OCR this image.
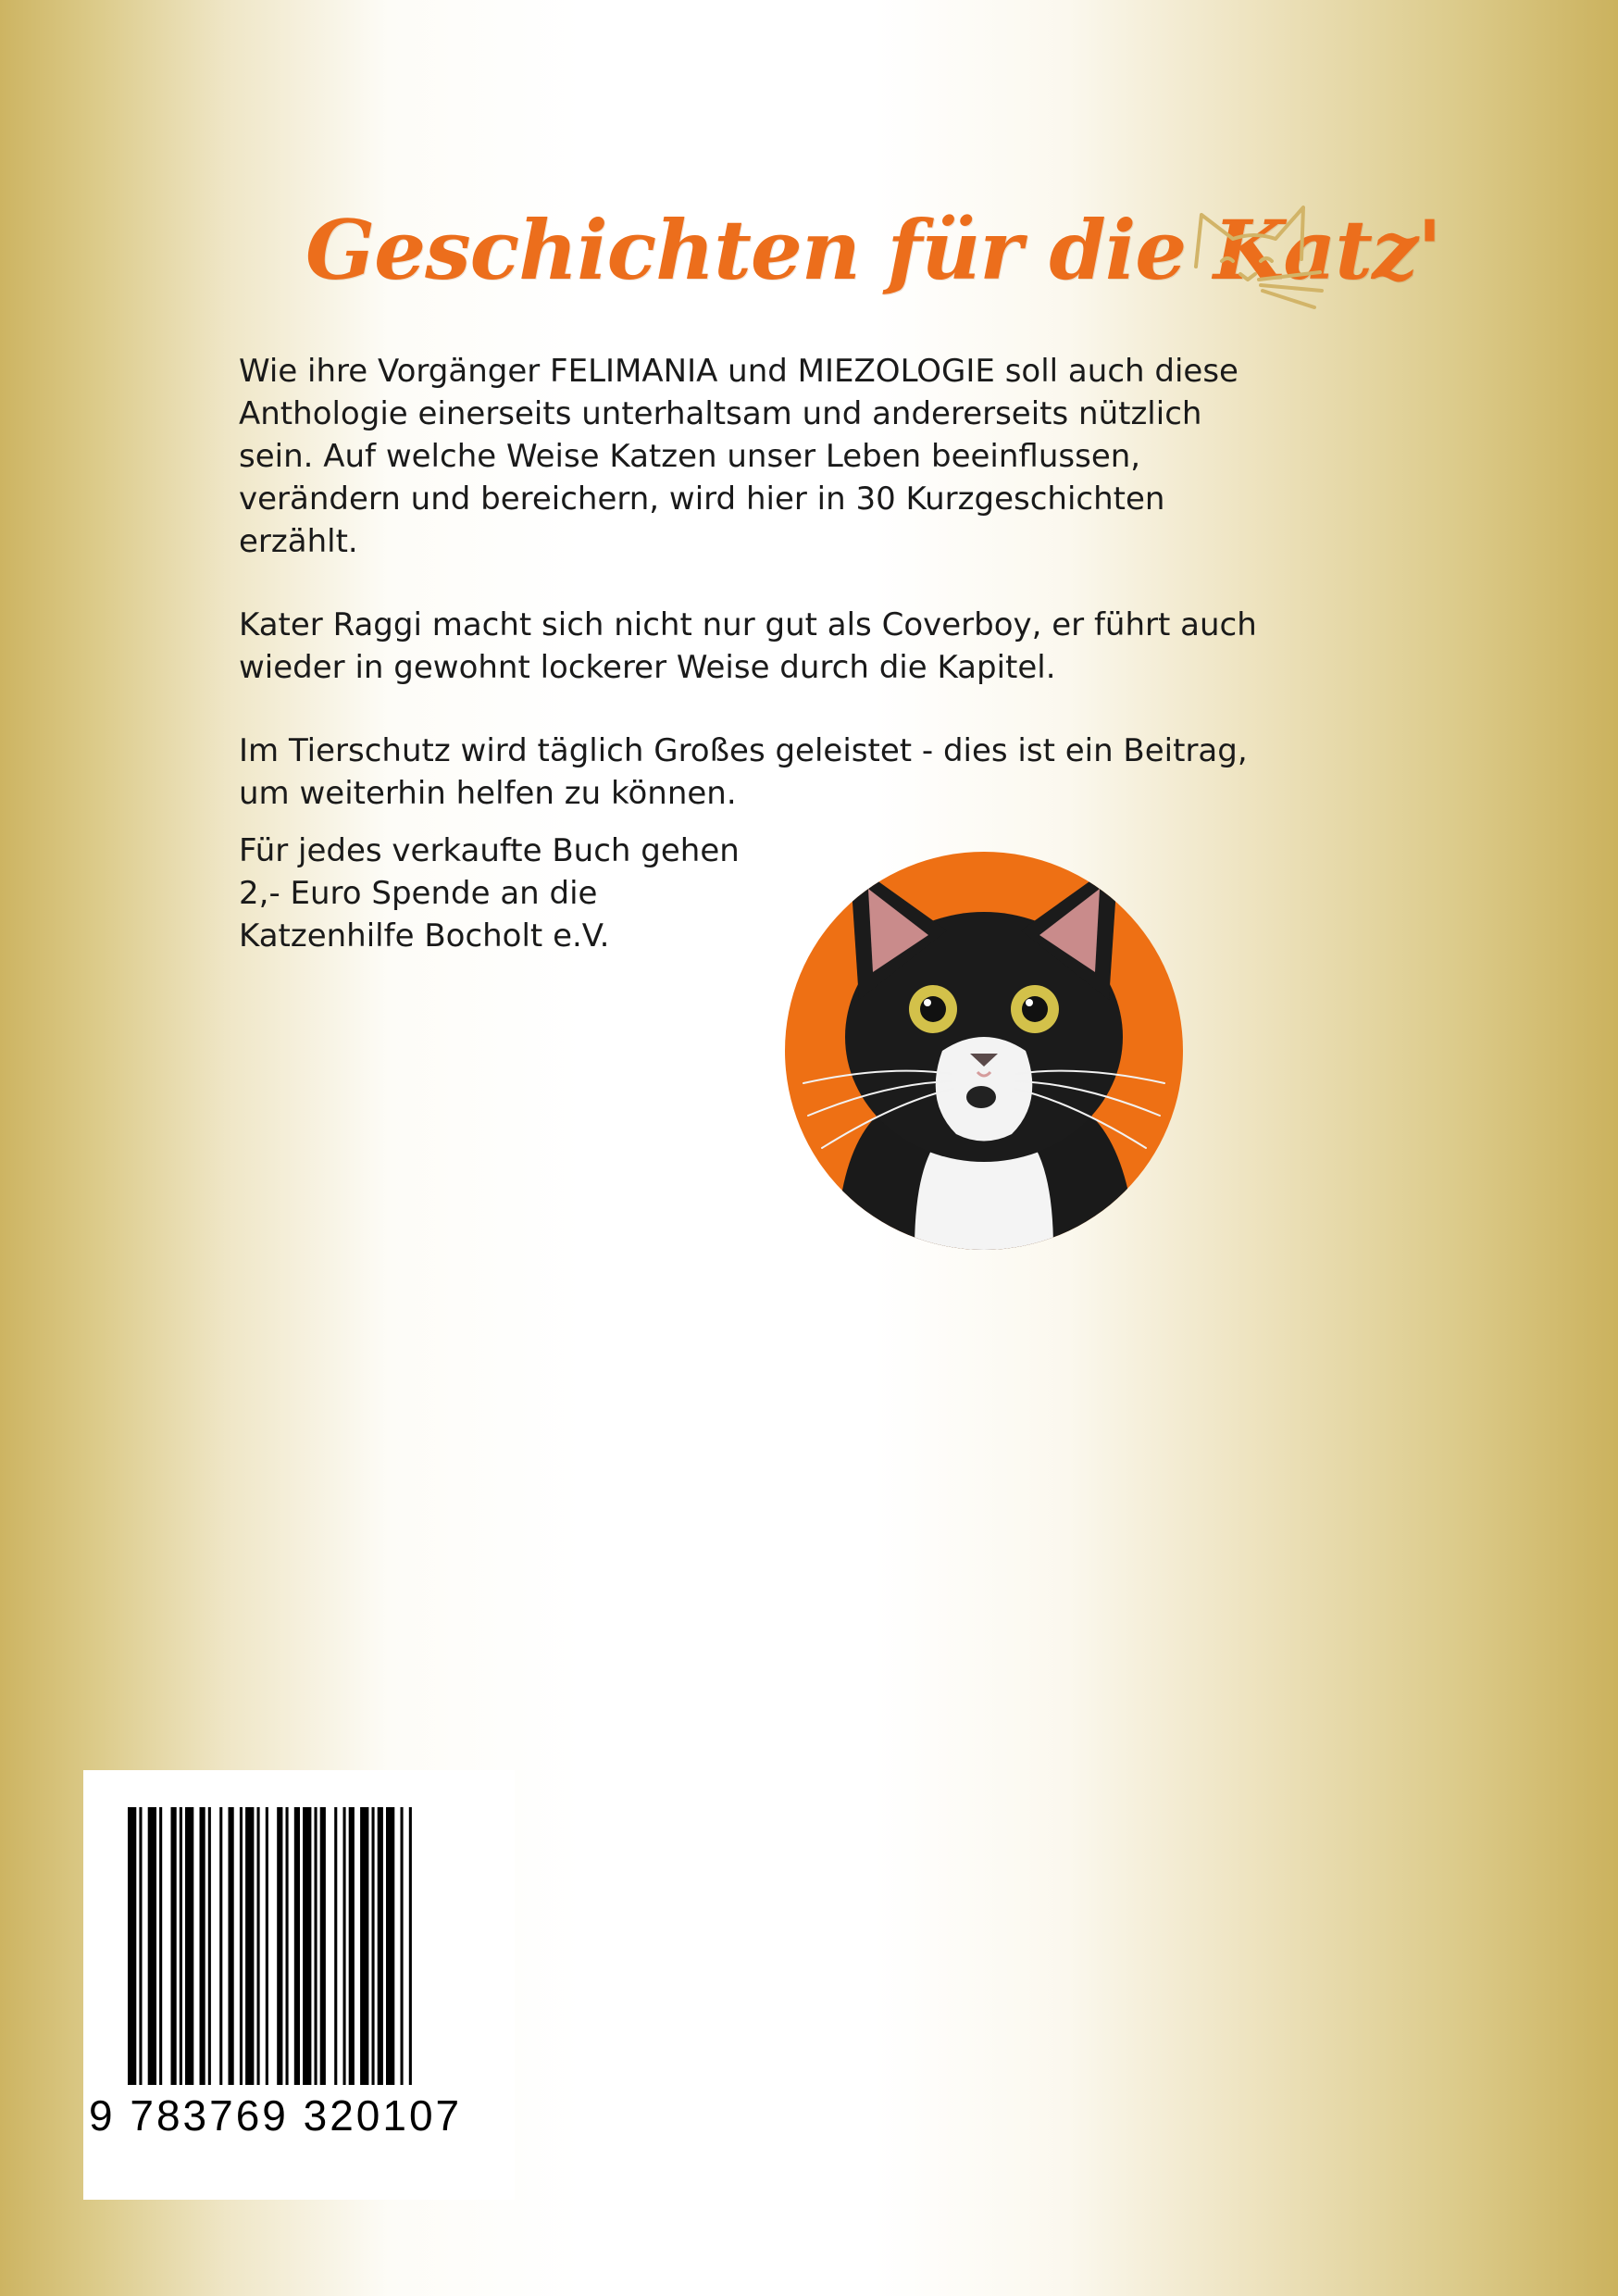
Geschichten für die Katz'

Wie ihre Vorgänger FELIMANIA und MIEZOLOGIE soll auch diese
Anthologie einerseits unterhaltsam und andererseits nützlich
sein. Auf welche Weise Katzen unser Leben beeinflussen,
verändern und bereichern, wird hier in 30 Kurzgeschichten
erzählt.

Kater Raggi macht sich nicht nur gut als Coverboy, er führt auch
wieder in gewohnt lockerer Weise durch die Kapitel.

Im Tierschutz wird täglich Großes geleistet - dies ist ein Beitrag,
um weiterhin helfen zu können.

Für jedes verkaufte Buch gehen
2,- Euro Spende an die
Katzenhilfe Bocholt e.V.

9 783769 320107
